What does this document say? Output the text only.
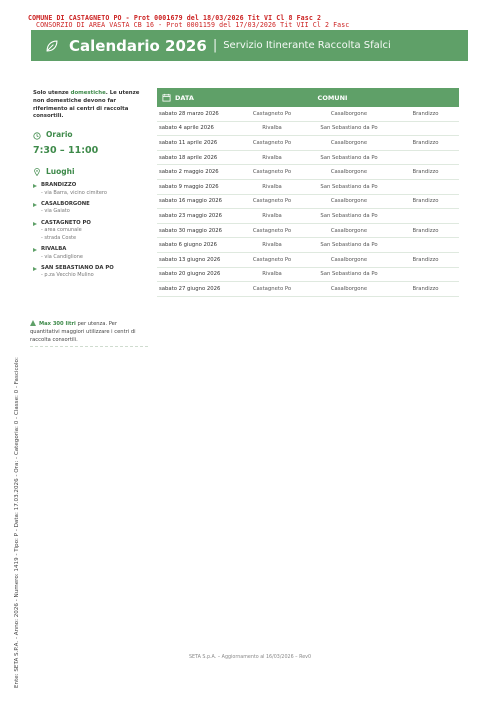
COMUNE DI CASTAGNETO PO - Prot 0001679 del 18/03/2026 Tit VI Cl 8 Fasc 2
CONSORZIO DI AREA VASTA CB 16 - Prot 0001159 del 17/03/2026 Tit VII Cl 2 Fasc
Calendario 2026 | Servizio Itinerante Raccolta Sfalci
Solo utenze domestiche. Le utenze non domestiche devono far riferimento ai centri di raccolta consortili.
Orario
7:30 – 11:00
Luoghi
BRANDIZZO
- via Barra, vicino cimitero
CASALBORGONE
- via Gaiato
CASTAGNETO PO
- area comunale
- strada Coste
RIVALBA
- via Candiglione
SAN SEBASTIANO DA PO
- p.za Vecchio Mulino
DATA	COMUNI
sabato 28 marzo 2026	Castagneto Po	Casalborgone	Brandizzo
sabato 4 aprile 2026	Rivalba	San Sebastiano da Po
sabato 11 aprile 2026	Castagneto Po	Casalborgone	Brandizzo
sabato 18 aprile 2026	Rivalba	San Sebastiano da Po
sabato 2 maggio 2026	Castagneto Po	Casalborgone	Brandizzo
sabato 9 maggio 2026	Rivalba	San Sebastiano da Po
sabato 16 maggio 2026	Castagneto Po	Casalborgone	Brandizzo
sabato 23 maggio 2026	Rivalba	San Sebastiano da Po
sabato 30 maggio 2026	Castagneto Po	Casalborgone	Brandizzo
sabato 6 giugno 2026	Rivalba	San Sebastiano da Po
sabato 13 giugno 2026	Castagneto Po	Casalborgone	Brandizzo
sabato 20 giugno 2026	Rivalba	San Sebastiano da Po
sabato 27 giugno 2026	Castagneto Po	Casalborgone	Brandizzo
Max 300 litri per utenza. Per quantitativi maggiori utilizzare i centri di raccolta consortili.
SETA S.p.A. – Aggiornamento al 16/03/2026 – Rev0
Ente: SETA S.P.A. - Anno: 2026 - Numero: 1419 - Tipo: P - Data: 17.03.2026 - Ora: - Categoria: 0 - Classe: 0 - Fascicolo:
